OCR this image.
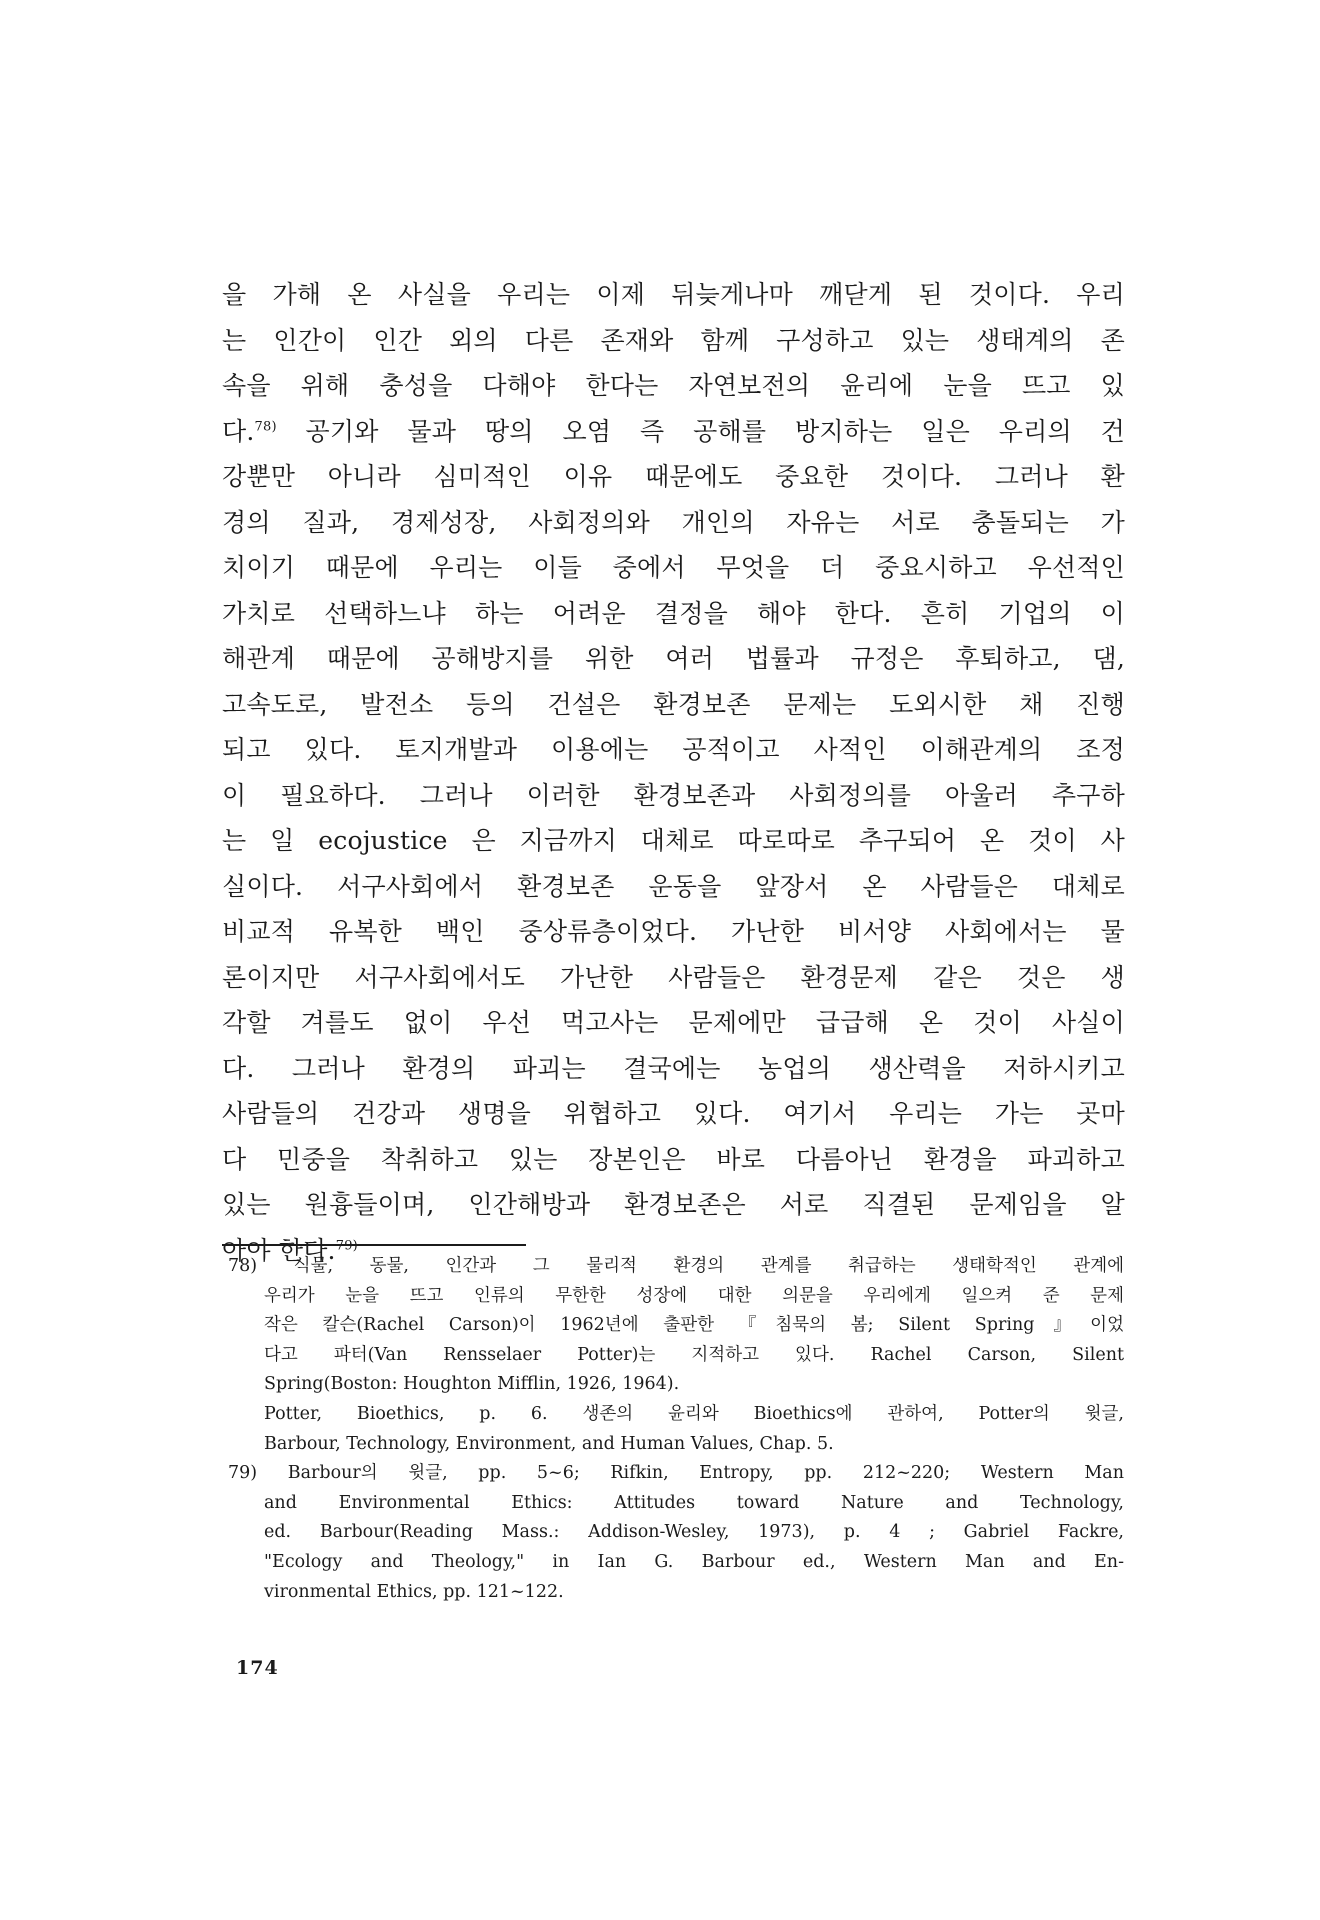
을 가해 온 사실을 우리는 이제 뒤늦게나마 깨닫게 된 것이다. 우리
는 인간이 인간 외의 다른 존재와 함께 구성하고 있는 생태계의 존
속을 위해 충성을 다해야 한다는 자연보전의 윤리에 눈을 뜨고 있
다.$^{78)}$ 공기와 물과 땅의 오염 즉 공해를 방지하는 일은 우리의 건
강뿐만 아니라 심미적인 이유 때문에도 중요한 것이다. 그러나 환
경의 질과, 경제성장, 사회정의와 개인의 자유는 서로 충돌되는 가
치이기 때문에 우리는 이들 중에서 무엇을 더 중요시하고 우선적인
가치로 선택하느냐 하는 어려운 결정을 해야 한다. 흔히 기업의 이
해관계 때문에 공해방지를 위한 여러 법률과 규정은 후퇴하고, 댐,
고속도로, 발전소 등의 건설은 환경보존 문제는 도외시한 채 진행
되고 있다. 토지개발과 이용에는 공적이고 사적인 이해관계의 조정
이 필요하다. 그러나 이러한 환경보존과 사회정의를 아울러 추구하
는 일 ecojustice 은 지금까지 대체로 따로따로 추구되어 온 것이 사
실이다. 서구사회에서 환경보존 운동을 앞장서 온 사람들은 대체로
비교적 유복한 백인 중상류층이었다. 가난한 비서양 사회에서는 물
론이지만 서구사회에서도 가난한 사람들은 환경문제 같은 것은 생
각할 겨를도 없이 우선 먹고사는 문제에만 급급해 온 것이 사실이
다. 그러나 환경의 파괴는 결국에는 농업의 생산력을 저하시키고
사람들의 건강과 생명을 위협하고 있다. 여기서 우리는 가는 곳마
다 민중을 착취하고 있는 장본인은 바로 다름아닌 환경을 파괴하고
있는 원흉들이며, 인간해방과 환경보존은 서로 직결된 문제임을 알
아야 한다.$^{79)}$
78) 식물, 동물, 인간과 그 물리적 환경의 관계를 취급하는 생태학적인 관계에
우리가 눈을 뜨고 인류의 무한한 성장에 대한 의문을 우리에게 일으켜 준 문제
작은 칼슨(Rachel Carson)이 1962년에 출판한 『침묵의 봄; Silent Spring』이었
다고 파터(Van Rensselaer Potter)는 지적하고 있다. Rachel Carson, Silent
Spring(Boston: Houghton Mifflin, 1926, 1964).
Potter, Bioethics, p. 6. 생존의 윤리와 Bioethics에 관하여, Potter의 윗글,
Barbour, Technology, Environment, and Human Values, Chap. 5.
79) Barbour의 윗글, pp. 5~6; Rifkin, Entropy, pp. 212~220; Western Man
and Environmental Ethics: Attitudes toward Nature and Technology,
ed. Barbour(Reading Mass.: Addison-Wesley, 1973), p. 4 ; Gabriel Fackre,
"Ecology and Theology," in Ian G. Barbour ed., Western Man and En-
vironmental Ethics, pp. 121~122.
174
